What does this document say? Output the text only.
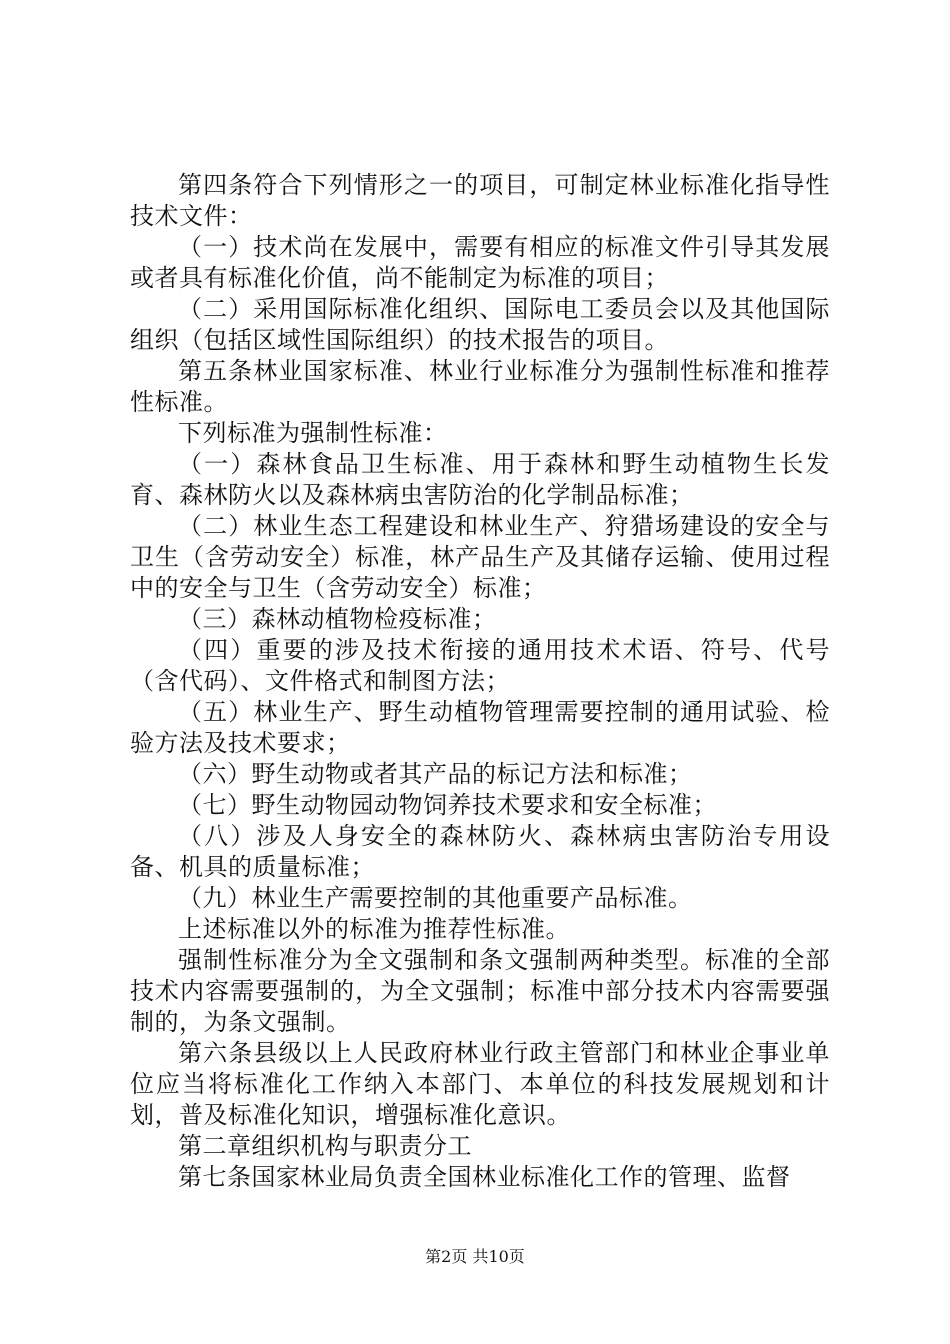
第四条符合下列情形之一的项目，可制定林业标准化指导性技术文件：

（一）技术尚在发展中，需要有相应的标准文件引导其发展或者具有标准化价值，尚不能制定为标准的项目；

（二）采用国际标准化组织、国际电工委员会以及其他国际组织（包括区域性国际组织）的技术报告的项目。

第五条林业国家标准、林业行业标准分为强制性标准和推荐性标准。

下列标准为强制性标准：

（一）森林食品卫生标准、用于森林和野生动植物生长发育、森林防火以及森林病虫害防治的化学制品标准；

（二）林业生态工程建设和林业生产、狩猎场建设的安全与卫生（含劳动安全）标准，林产品生产及其储存运输、使用过程中的安全与卫生（含劳动安全）标准；

（三）森林动植物检疫标准；

（四）重要的涉及技术衔接的通用技术术语、符号、代号（含代码）、文件格式和制图方法；

（五）林业生产、野生动植物管理需要控制的通用试验、检验方法及技术要求；

（六）野生动物或者其产品的标记方法和标准；

（七）野生动物园动物饲养技术要求和安全标准；

（八）涉及人身安全的森林防火、森林病虫害防治专用设备、机具的质量标准；

（九）林业生产需要控制的其他重要产品标准。

上述标准以外的标准为推荐性标准。

强制性标准分为全文强制和条文强制两种类型。标准的全部技术内容需要强制的，为全文强制；标准中部分技术内容需要强制的，为条文强制。

第六条县级以上人民政府林业行政主管部门和林业企事业单位应当将标准化工作纳入本部门、本单位的科技发展规划和计划，普及标准化知识，增强标准化意识。

第二章组织机构与职责分工

第七条国家林业局负责全国林业标准化工作的管理、监督

第2页 共10页
